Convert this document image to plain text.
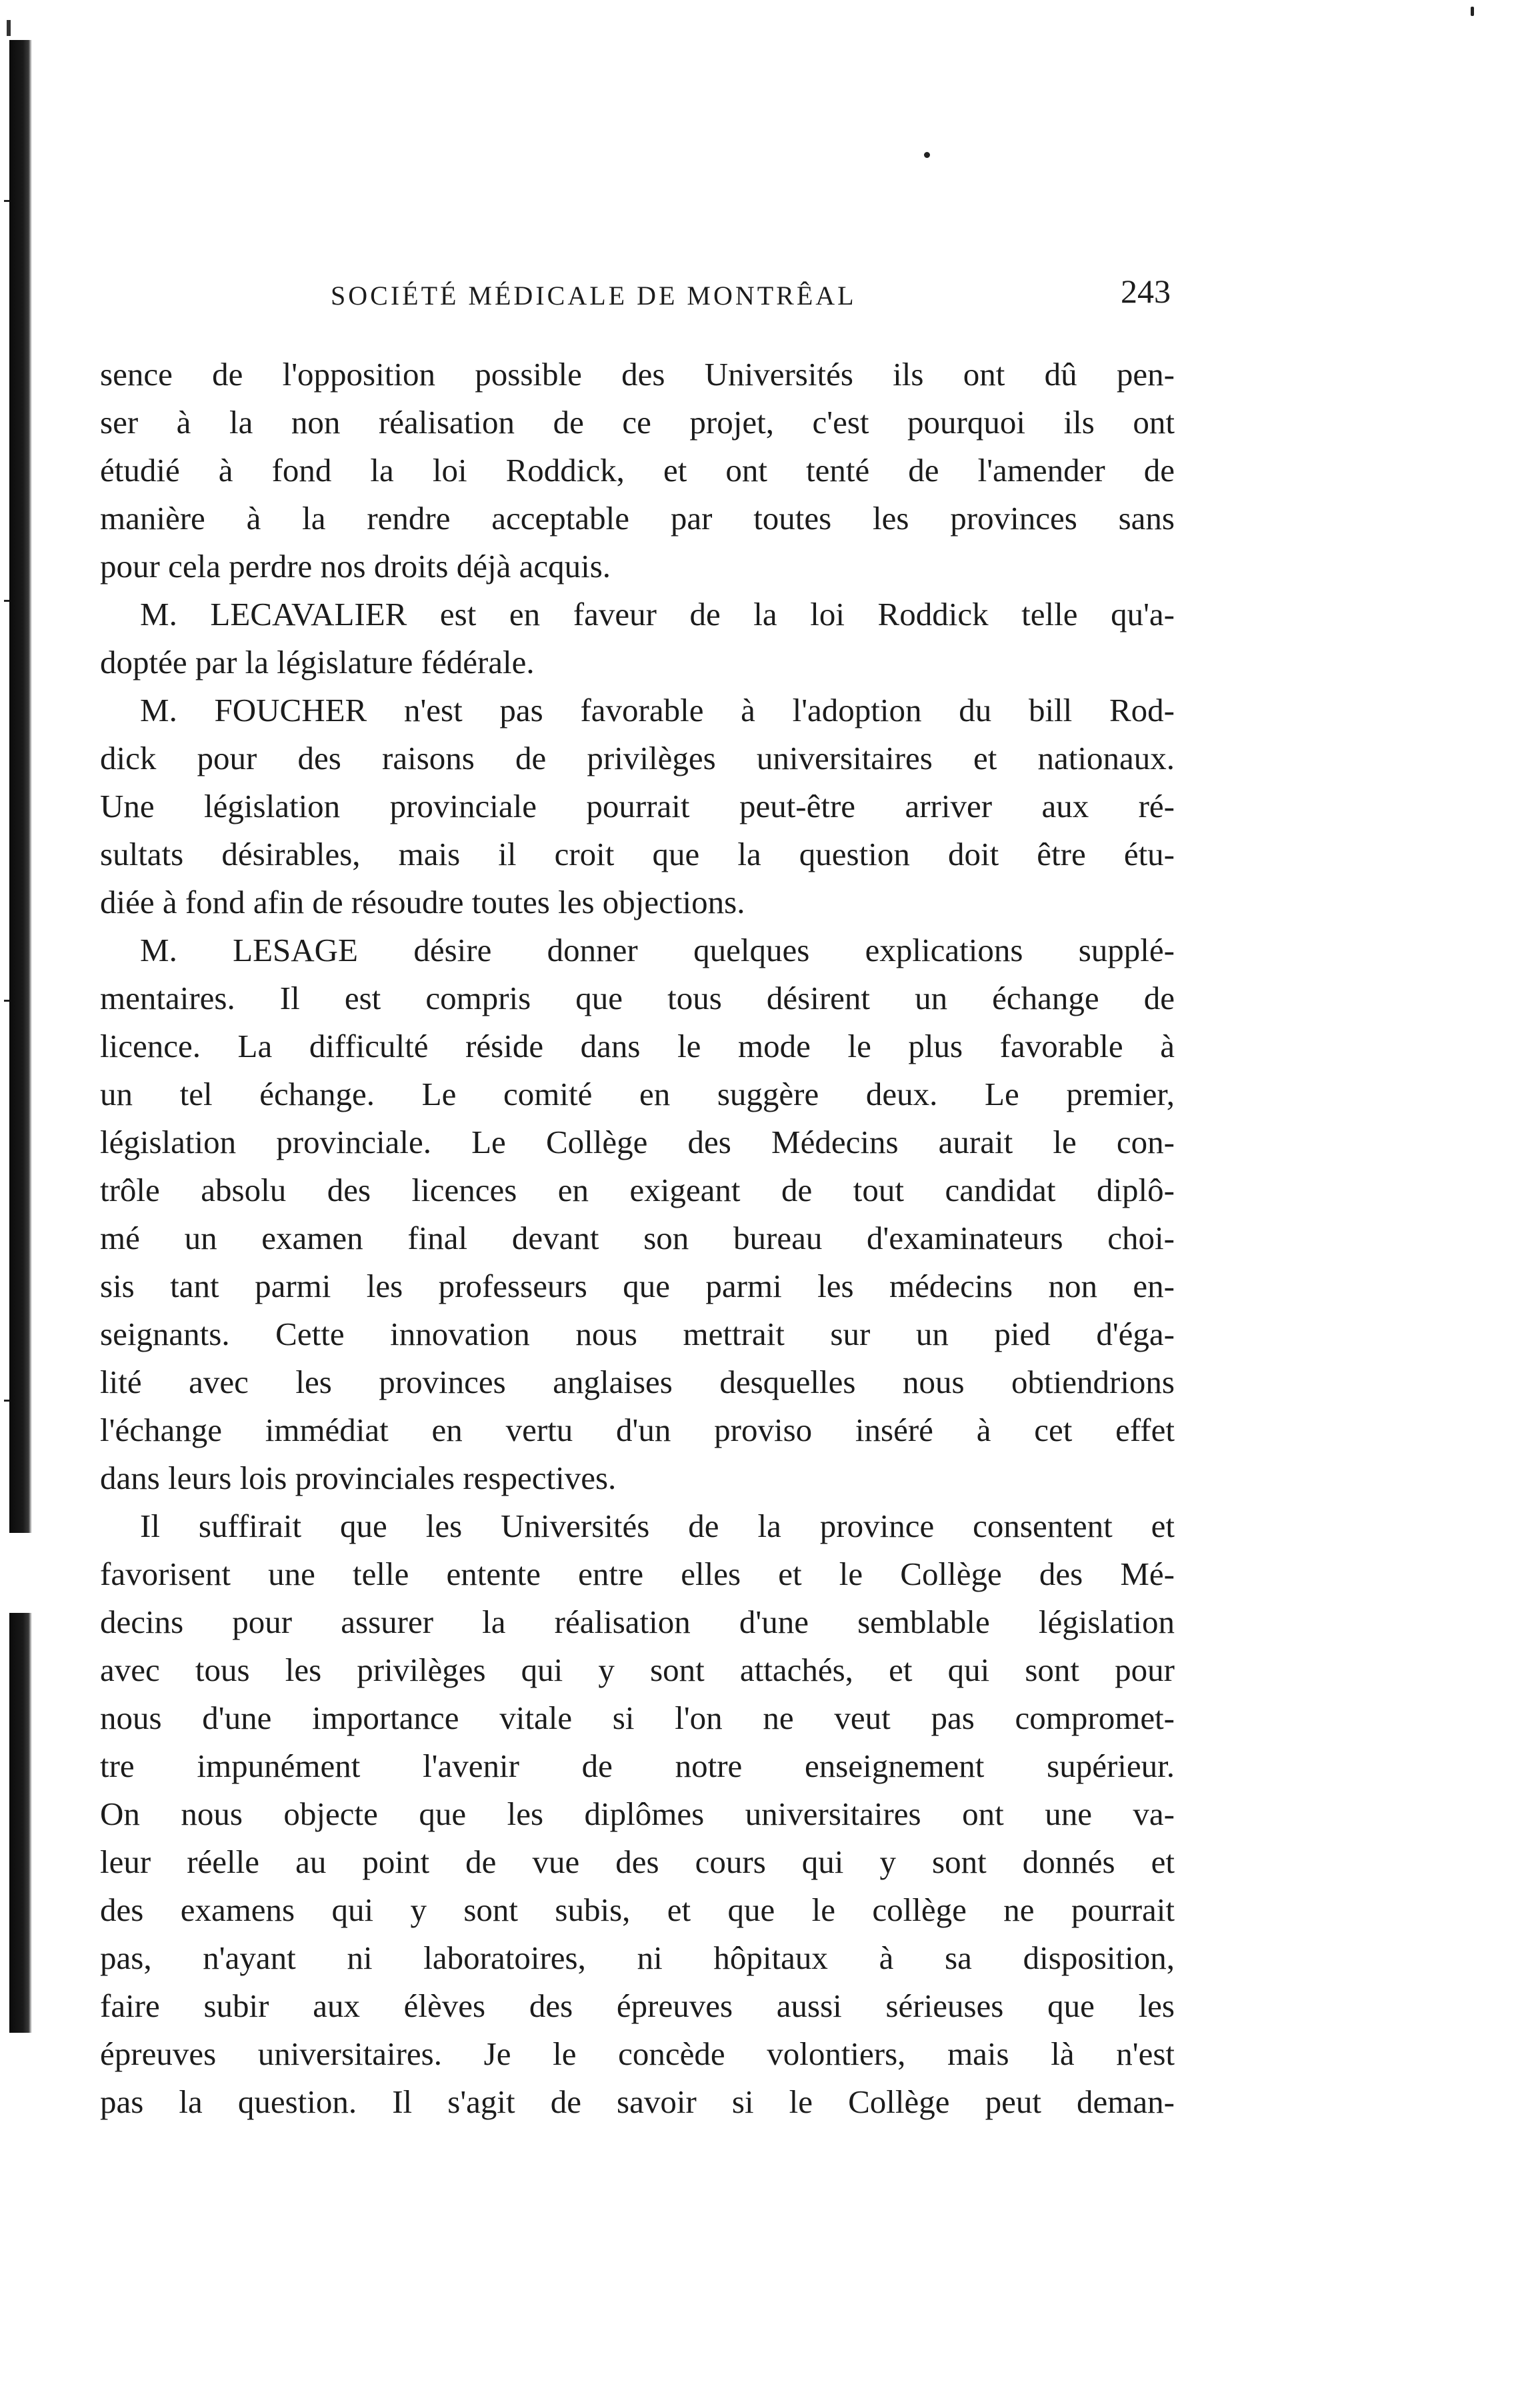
SOCIÉTÉ MÉDICALE DE MONTRÊAL	243
sence de l'opposition possible des Universités ils ont dû pen-
ser à la non réalisation de ce projet, c'est pourquoi ils ont
étudié à fond la loi Roddick, et ont tenté de l'amender de
manière à la rendre acceptable par toutes les provinces sans
pour cela perdre nos droits déjà acquis.
M. LECAVALIER est en faveur de la loi Roddick telle qu'a-
doptée par la législature fédérale.
M. FOUCHER n'est pas favorable à l'adoption du bill Rod-
dick pour des raisons de privilèges universitaires et nationaux.
Une législation provinciale pourrait peut-être arriver aux ré-
sultats désirables, mais il croit que la question doit être étu-
diée à fond afin de résoudre toutes les objections.
M. LESAGE désire donner quelques explications supplé-
mentaires. Il est compris que tous désirent un échange de
licence. La difficulté réside dans le mode le plus favorable à
un tel échange. Le comité en suggère deux. Le premier,
législation provinciale. Le Collège des Médecins aurait le con-
trôle absolu des licences en exigeant de tout candidat diplô-
mé un examen final devant son bureau d'examinateurs choi-
sis tant parmi les professeurs que parmi les médecins non en-
seignants. Cette innovation nous mettrait sur un pied d'éga-
lité avec les provinces anglaises desquelles nous obtiendrions
l'échange immédiat en vertu d'un proviso inséré à cet effet
dans leurs lois provinciales respectives.
Il suffirait que les Universités de la province consentent et
favorisent une telle entente entre elles et le Collège des Mé-
decins pour assurer la réalisation d'une semblable législation
avec tous les privilèges qui y sont attachés, et qui sont pour
nous d'une importance vitale si l'on ne veut pas compromet-
tre impunément l'avenir de notre enseignement supérieur.
On nous objecte que les diplômes universitaires ont une va-
leur réelle au point de vue des cours qui y sont donnés et
des examens qui y sont subis, et que le collège ne pourrait
pas, n'ayant ni laboratoires, ni hôpitaux à sa disposition,
faire subir aux élèves des épreuves aussi sérieuses que les
épreuves universitaires. Je le concède volontiers, mais là n'est
pas la question. Il s'agit de savoir si le Collège peut deman-
